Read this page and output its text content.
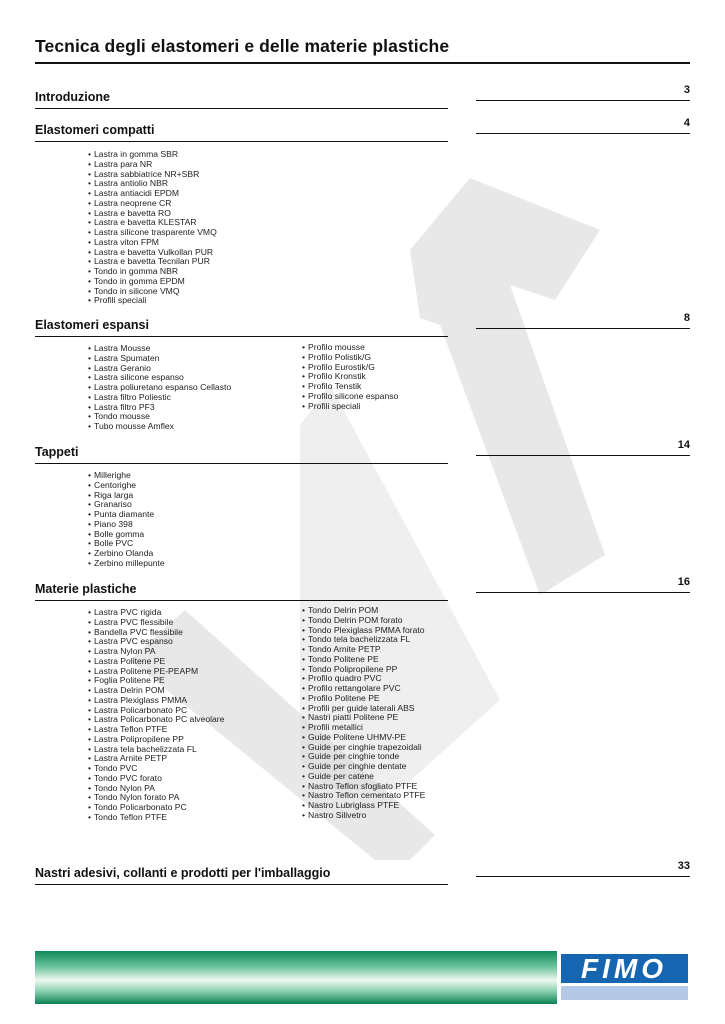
Tecnica degli elastomeri e delle materie plastiche
Introduzione	3
Elastomeri compatti	4
Elastomeri espansi	8
Tappeti	14
Materie plastiche	16
Nastri adesivi, collanti e prodotti per l'imballaggio	33
FIMO
• Lastra in gomma SBR
• Lastra para NR
• Lastra sabbiatrice NR+SBR
• Lastra antiolio NBR
• Lastra antiacidi EPDM
• Lastra neoprene CR
• Lastra e bavetta RO
• Lastra e bavetta KLESTAR
• Lastra silicone trasparente VMQ
• Lastra viton FPM
• Lastra e bavetta Vulkollan PUR
• Lastra e bavetta Tecnilan PUR
• Tondo in gomma NBR
• Tondo in gomma EPDM
• Tondo in silicone VMQ
• Profili speciali
• Lastra Mousse
• Lastra Spumaten
• Lastra Geranio
• Lastra silicone espanso
• Lastra poliuretano espanso Cellasto
• Lastra filtro Poliestic
• Lastra filtro PF3
• Tondo mousse
• Tubo mousse Amflex
• Profilo mousse
• Profilo Polistik/G
• Profilo Eurostik/G
• Profilo Kronstik
• Profilo Tenstik
• Profilo silicone espanso
• Profili speciali
• Millerighe
• Centorighe
• Riga larga
• Granariso
• Punta diamante
• Piano 398
• Bolle gomma
• Bolle PVC
• Zerbino Olanda
• Zerbino millepunte
• Lastra PVC rigida
• Lastra PVC flessibile
• Bandella PVC flessibile
• Lastra PVC espanso
• Lastra Nylon PA
• Lastra Politene PE
• Lastra Politene PE-PEAPM
• Foglia Politene PE
• Lastra Delrin POM
• Lastra Plexiglass PMMA
• Lastra Policarbonato PC
• Lastra Policarbonato PC alveolare
• Lastra Teflon PTFE
• Lastra Polipropilene PP
• Lastra tela bachelizzata FL
• Lastra Arnite PETP
• Tondo PVC
• Tondo PVC forato
• Tondo Nylon PA
• Tondo Nylon forato PA
• Tondo Policarbonato PC
• Tondo Teflon PTFE
• Tondo Delrin POM
• Tondo Delrin POM forato
• Tondo Plexiglass PMMA forato
• Tondo tela bachelizzata FL
• Tondo Arnite PETP
• Tondo Politene PE
• Tondo Polipropilene PP
• Profilo quadro PVC
• Profilo rettangolare PVC
• Profilo Politene PE
• Profili per guide laterali ABS
• Nastri piatti Politene PE
• Profili metallici
• Guide Politene UHMV-PE
• Guide per cinghie trapezoidali
• Guide per cinghie tonde
• Guide per cinghie dentate
• Guide per catene
• Nastro Teflon sfogliato PTFE
• Nastro Teflon cementato PTFE
• Nastro Lubriglass PTFE
• Nastro Silivetro
